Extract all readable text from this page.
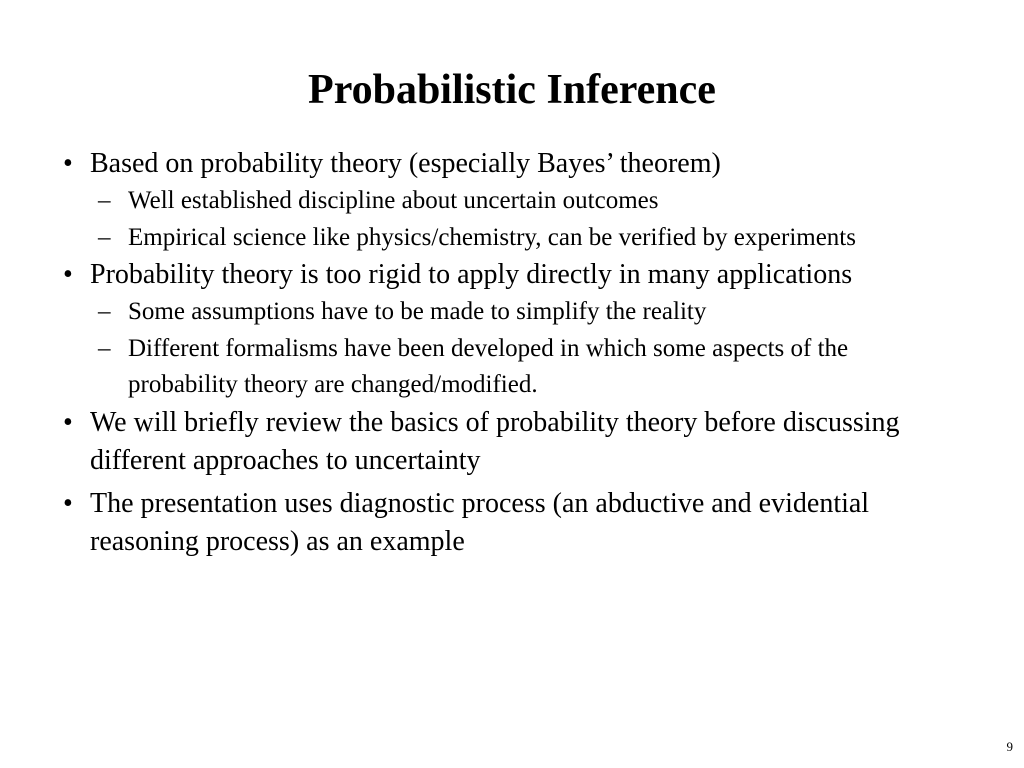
Probabilistic Inference
• Based on probability theory (especially Bayes’ theorem)
– Well established discipline about uncertain outcomes
– Empirical science like physics/chemistry, can be verified by experiments
• Probability theory is too rigid to apply directly in many applications
– Some assumptions have to be made to simplify the reality
– Different formalisms have been developed in which some aspects of the probability theory are changed/modified.
• We will briefly review the basics of probability theory before discussing different approaches to uncertainty
• The presentation uses diagnostic process (an abductive and evidential reasoning process) as an example
9
